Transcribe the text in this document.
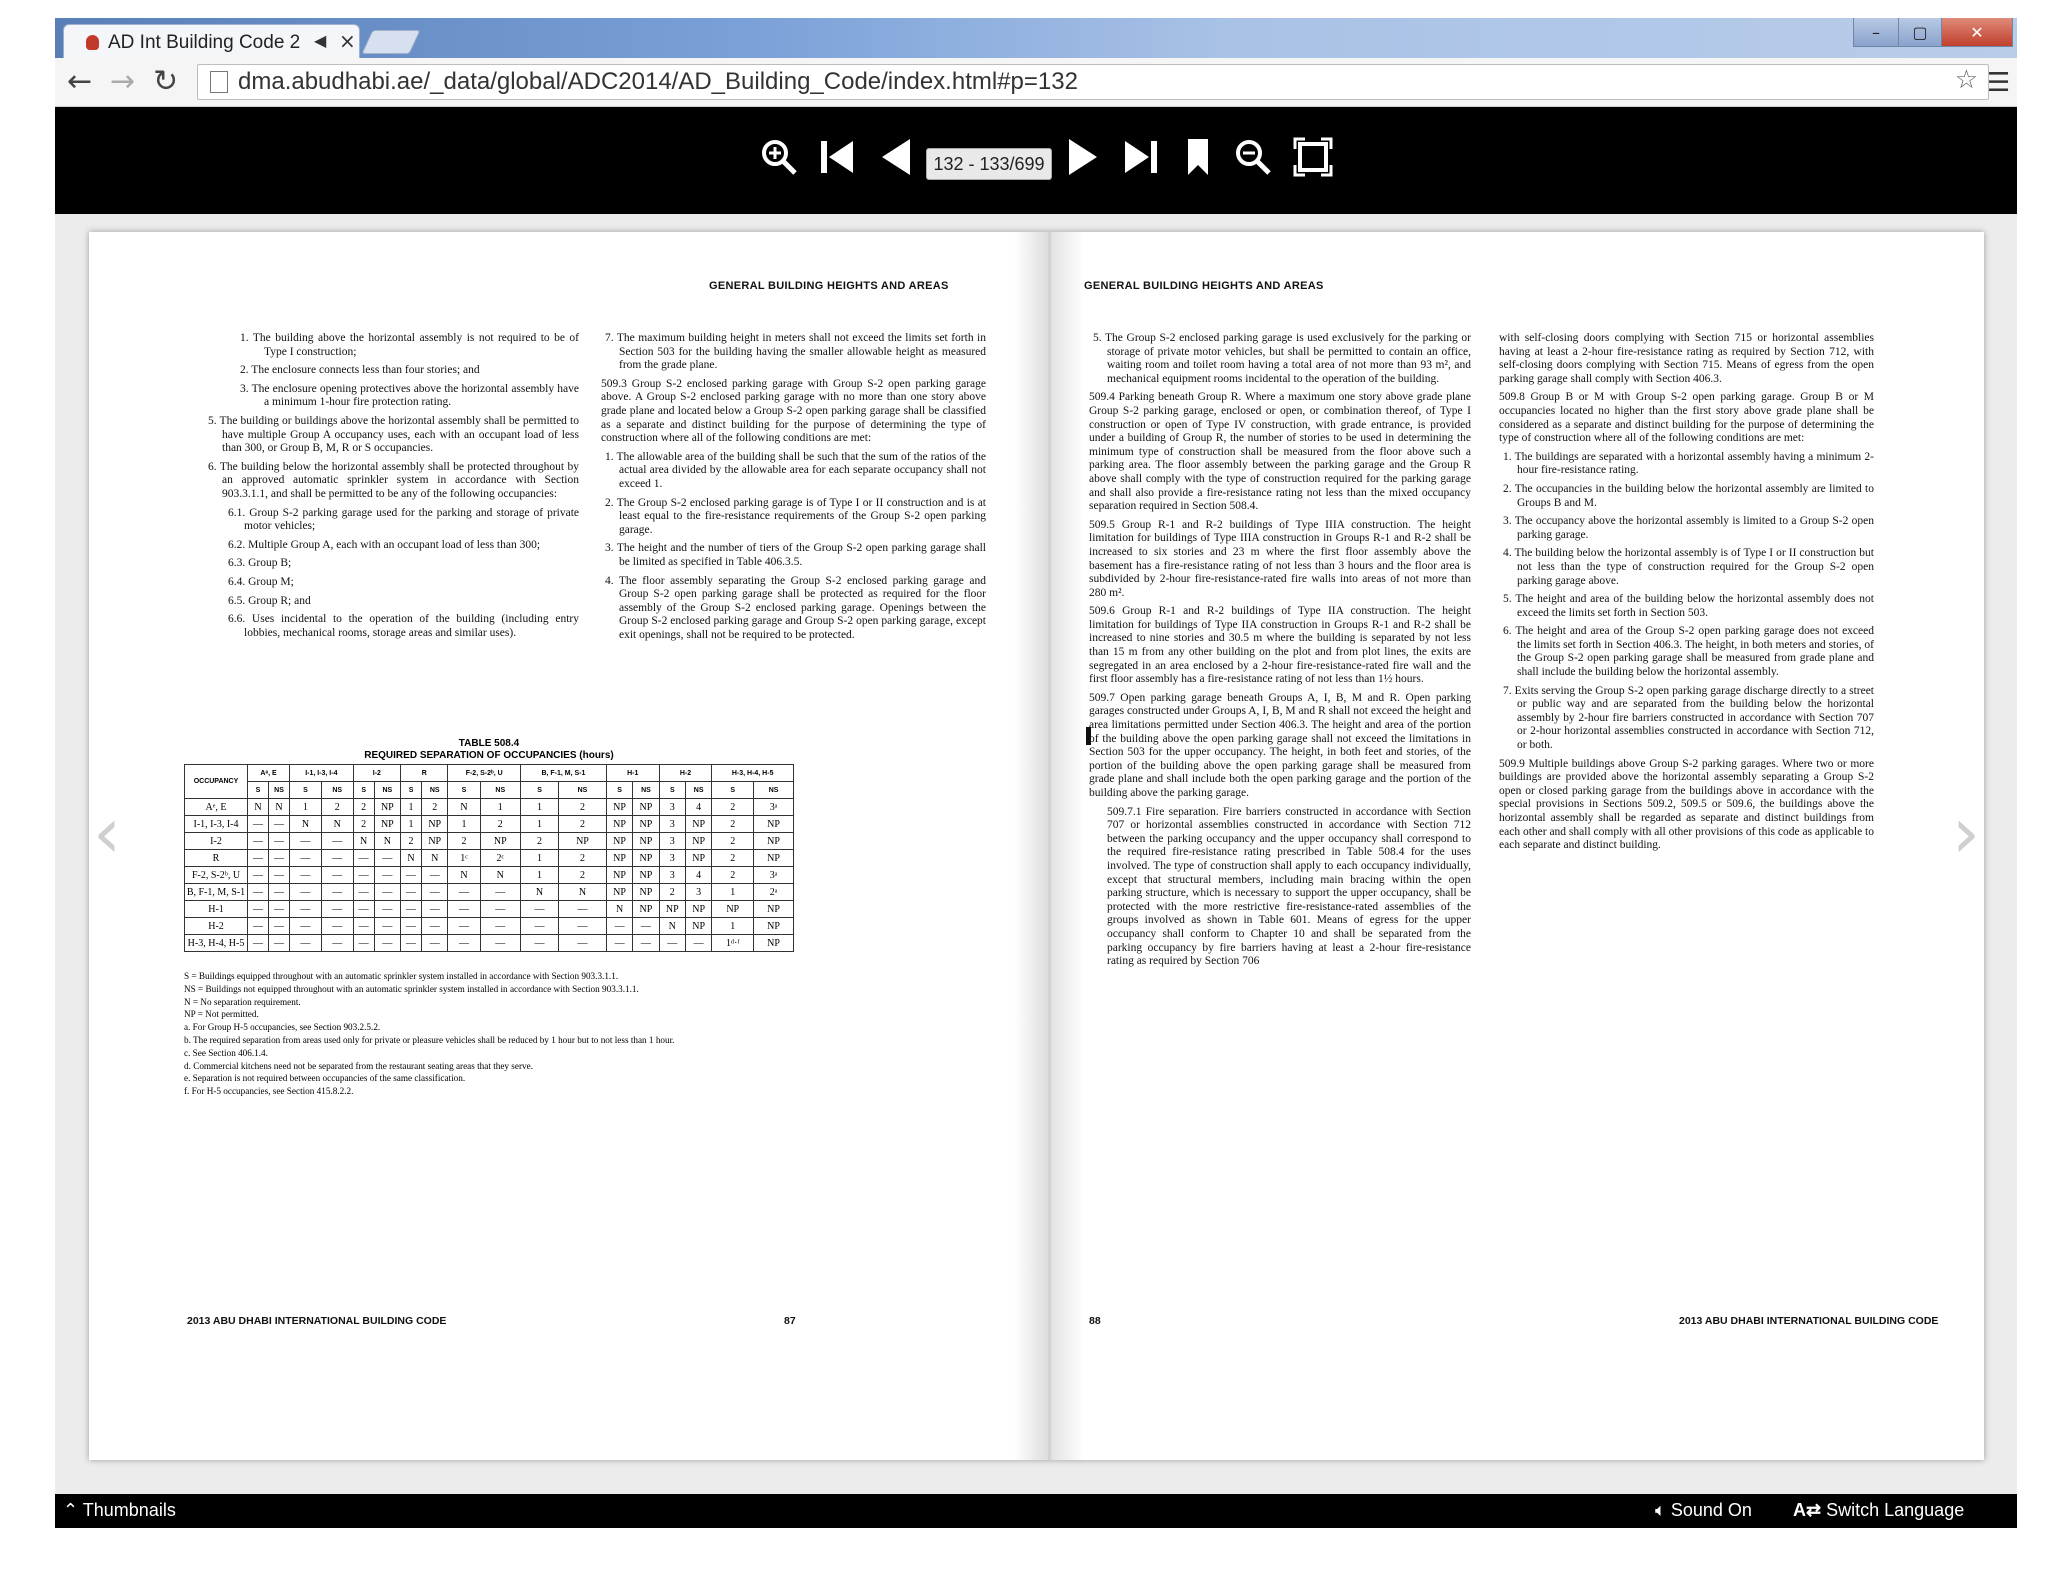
AD Int Building Code 2 ◀ ×	–	▢	✕
← → ↻ dma.abudhabi.ae/_data/global/ADC2014/AD_Building_Code/index.html#p=132	☆ ☰
132 - 133/699
‹	›
GENERAL BUILDING HEIGHTS AND AREAS

1. The building above the horizontal assembly is not required to be of Type I construction;

2. The enclosure connects less than four stories; and

3. The enclosure opening protectives above the horizontal assembly have a minimum 1-hour fire protection rating.

5. The building or buildings above the horizontal assembly shall be permitted to have multiple Group A occupancy uses, each with an occupant load of less than 300, or Group B, M, R or S occupancies.

6. The building below the horizontal assembly shall be protected throughout by an approved automatic sprinkler system in accordance with Section 903.3.1.1, and shall be permitted to be any of the following occupancies:

6.1. Group S-2 parking garage used for the parking and storage of private motor vehicles;

6.2. Multiple Group A, each with an occupant load of less than 300;

6.3. Group B;

6.4. Group M;

6.5. Group R; and

6.6. Uses incidental to the operation of the building (including entry lobbies, mechanical rooms, storage areas and similar uses).

7. The maximum building height in meters shall not exceed the limits set forth in Section 503 for the building having the smaller allowable height as measured from the grade plane.

509.3 Group S-2 enclosed parking garage with Group S-2 open parking garage above. A Group S-2 enclosed parking garage with no more than one story above grade plane and located below a Group S-2 open parking garage shall be classified as a separate and distinct building for the purpose of determining the type of construction where all of the following conditions are met:

1. The allowable area of the building shall be such that the sum of the ratios of the actual area divided by the allowable area for each separate occupancy shall not exceed 1.

2. The Group S-2 enclosed parking garage is of Type I or II construction and is at least equal to the fire-resistance requirements of the Group S-2 open parking garage.

3. The height and the number of tiers of the Group S-2 open parking garage shall be limited as specified in Table 406.3.5.

4. The floor assembly separating the Group S-2 enclosed parking garage and Group S-2 open parking garage shall be protected as required for the floor assembly of the Group S-2 enclosed parking garage. Openings between the Group S-2 enclosed parking garage and Group S-2 open parking garage, except exit openings, shall not be required to be protected.

TABLE 508.4
REQUIRED SEPARATION OF OCCUPANCIES (hours)
OCCUPANCY	Aᵉ, E		I-1, I-3, I-4		I-2		R		F-2, S-2ᵇ, U		B, F-1, M, S-1		H-1		H-2		H-3, H-4, H-5	
	S	NS	S	NS	S	NS	S	NS	S	NS	S	NS	S	NS	S	NS	S	NS
Aᵉ, E	N	N	1	2	2	NP	1	2	N	1	1	2	NP	NP	3	4	2	3ᵃ
I-1, I-3, I-4	—	—	N	N	2	NP	1	NP	1	2	1	2	NP	NP	3	NP	2	NP
I-2	—	—	—	—	N	N	2	NP	2	NP	2	NP	NP	NP	3	NP	2	NP
R	—	—	—	—	—	—	N	N	1ᶜ	2ᶜ	1	2	NP	NP	3	NP	2	NP
F-2, S-2ᵇ, U	—	—	—	—	—	—	—	—	N	N	1	2	NP	NP	3	4	2	3ᵃ
B, F-1, M, S-1	—	—	—	—	—	—	—	—	—	—	N	N	NP	NP	2	3	1	2ᵃ
H-1	—	—	—	—	—	—	—	—	—	—	—	—	N	NP	NP	NP	NP	NP
H-2	—	—	—	—	—	—	—	—	—	—	—	—	—	—	N	NP	1	NP
H-3, H-4, H-5	—	—	—	—	—	—	—	—	—	—	—	—	—	—	—	—	1ᵈ·ᶠ	NP
S = Buildings equipped throughout with an automatic sprinkler system installed in accordance with Section 903.3.1.1.
NS = Buildings not equipped throughout with an automatic sprinkler system installed in accordance with Section 903.3.1.1.
N = No separation requirement.
NP = Not permitted.
a. For Group H-5 occupancies, see Section 903.2.5.2.
b. The required separation from areas used only for private or pleasure vehicles shall be reduced by 1 hour but to not less than 1 hour.
c. See Section 406.1.4.
d. Commercial kitchens need not be separated from the restaurant seating areas that they serve.
e. Separation is not required between occupancies of the same classification.
f. For H-5 occupancies, see Section 415.8.2.2.
2013 ABU DHABI INTERNATIONAL BUILDING CODE	87
GENERAL BUILDING HEIGHTS AND AREAS

5. The Group S-2 enclosed parking garage is used exclusively for the parking or storage of private motor vehicles, but shall be permitted to contain an office, waiting room and toilet room having a total area of not more than 93 m², and mechanical equipment rooms incidental to the operation of the building.

509.4 Parking beneath Group R. Where a maximum one story above grade plane Group S-2 parking garage, enclosed or open, or combination thereof, of Type I construction or open of Type IV construction, with grade entrance, is provided under a building of Group R, the number of stories to be used in determining the minimum type of construction shall be measured from the floor above such a parking area. The floor assembly between the parking garage and the Group R above shall comply with the type of construction required for the parking garage and shall also provide a fire-resistance rating not less than the mixed occupancy separation required in Section 508.4.

509.5 Group R-1 and R-2 buildings of Type IIIA construction. The height limitation for buildings of Type IIIA construction in Groups R-1 and R-2 shall be increased to six stories and 23 m where the first floor assembly above the basement has a fire-resistance rating of not less than 3 hours and the floor area is subdivided by 2-hour fire-resistance-rated fire walls into areas of not more than 280 m².

509.6 Group R-1 and R-2 buildings of Type IIA construction. The height limitation for buildings of Type IIA construction in Groups R-1 and R-2 shall be increased to nine stories and 30.5 m where the building is separated by not less than 15 m from any other building on the plot and from plot lines, the exits are segregated in an area enclosed by a 2-hour fire-resistance-rated fire wall and the first floor assembly has a fire-resistance rating of not less than 1½ hours.

509.7 Open parking garage beneath Groups A, I, B, M and R. Open parking garages constructed under Groups A, I, B, M and R shall not exceed the height and area limitations permitted under Section 406.3. The height and area of the portion of the building above the open parking garage shall not exceed the limitations in Section 503 for the upper occupancy. The height, in both feet and stories, of the portion of the building above the open parking garage shall be measured from grade plane and shall include both the open parking garage and the portion of the building above the parking garage.

509.7.1 Fire separation. Fire barriers constructed in accordance with Section 707 or horizontal assemblies constructed in accordance with Section 712 between the parking occupancy and the upper occupancy shall correspond to the required fire-resistance rating prescribed in Table 508.4 for the uses involved. The type of construction shall apply to each occupancy individually, except that structural members, including main bracing within the open parking structure, which is necessary to support the upper occupancy, shall be protected with the more restrictive fire-resistance-rated assemblies of the groups involved as shown in Table 601. Means of egress for the upper occupancy shall conform to Chapter 10 and shall be separated from the parking occupancy by fire barriers having at least a 2-hour fire-resistance rating as required by Section 706

with self-closing doors complying with Section 715 or horizontal assemblies having at least a 2-hour fire-resistance rating as required by Section 712, with self-closing doors complying with Section 715. Means of egress from the open parking garage shall comply with Section 406.3.

509.8 Group B or M with Group S-2 open parking garage. Group B or M occupancies located no higher than the first story above grade plane shall be considered as a separate and distinct building for the purpose of determining the type of construction where all of the following conditions are met:

1. The buildings are separated with a horizontal assembly having a minimum 2-hour fire-resistance rating.

2. The occupancies in the building below the horizontal assembly are limited to Groups B and M.

3. The occupancy above the horizontal assembly is limited to a Group S-2 open parking garage.

4. The building below the horizontal assembly is of Type I or II construction but not less than the type of construction required for the Group S-2 open parking garage above.

5. The height and area of the building below the horizontal assembly does not exceed the limits set forth in Section 503.

6. The height and area of the Group S-2 open parking garage does not exceed the limits set forth in Section 406.3. The height, in both meters and stories, of the Group S-2 open parking garage shall be measured from grade plane and shall include the building below the horizontal assembly.

7. Exits serving the Group S-2 open parking garage discharge directly to a street or public way and are separated from the building below the horizontal assembly by 2-hour fire barriers constructed in accordance with Section 707 or 2-hour horizontal assemblies constructed in accordance with Section 712, or both.

509.9 Multiple buildings above Group S-2 parking garages. Where two or more buildings are provided above the horizontal assembly separating a Group S-2 open or closed parking garage from the buildings above in accordance with the special provisions in Sections 509.2, 509.5 or 509.6, the buildings above the horizontal assembly shall be regarded as separate and distinct buildings from each other and shall comply with all other provisions of this code as applicable to each separate and distinct building.

88	2013 ABU DHABI INTERNATIONAL BUILDING CODE
⌃ Thumbnails	🔈︎ Sound On A⇄ Switch Language
